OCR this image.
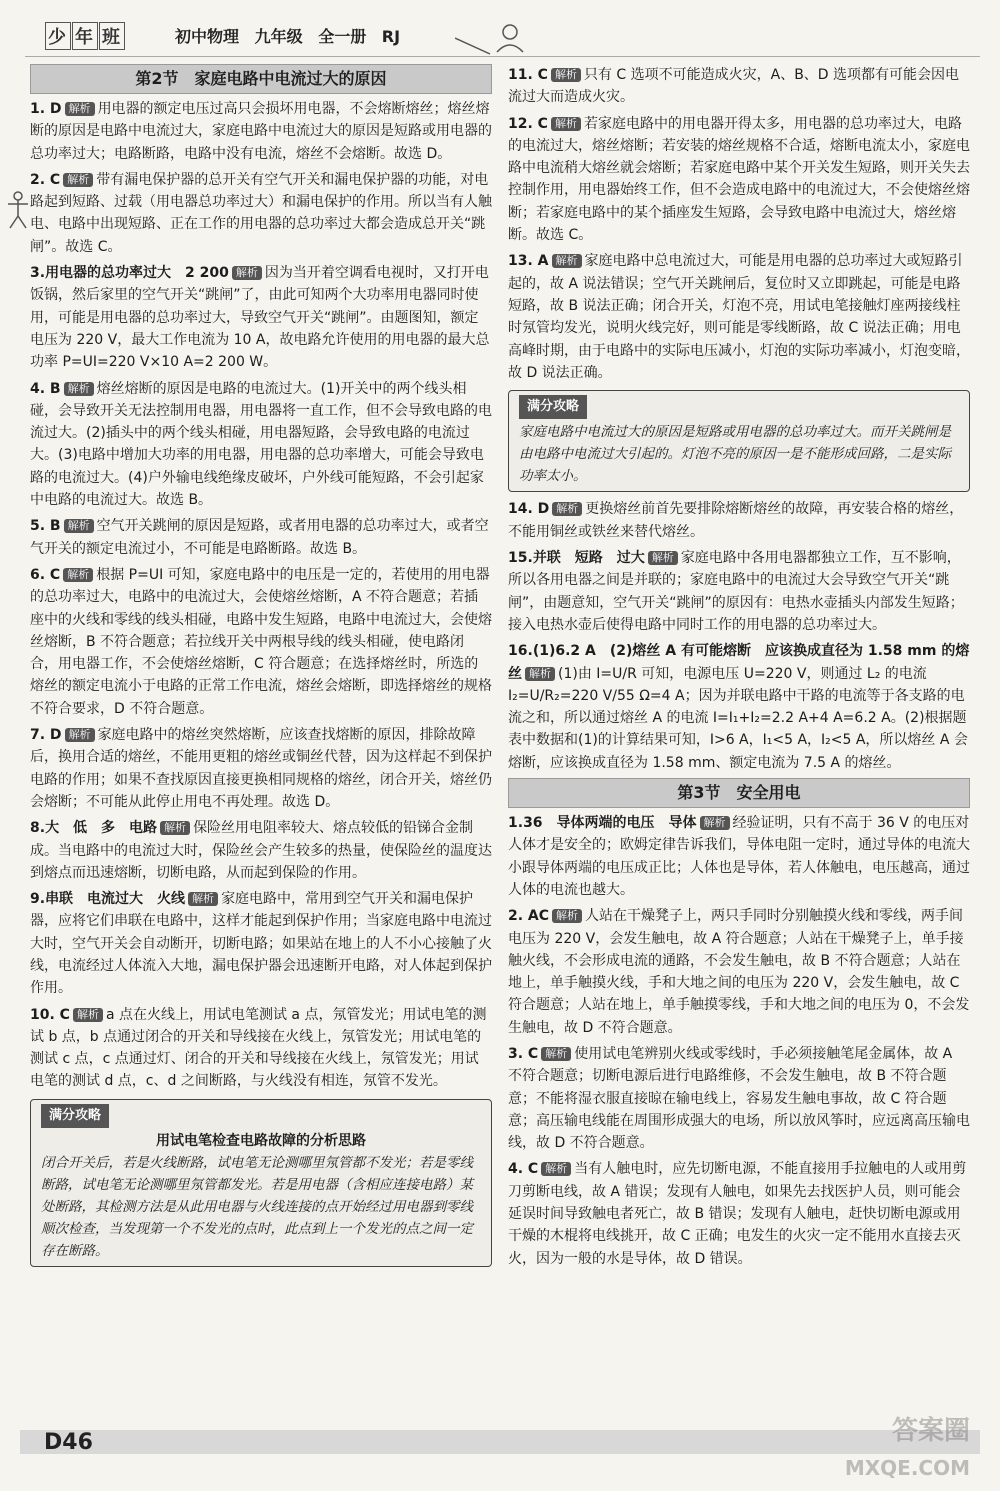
少 年 班	初中物理 九年级 全一册 RJ
第2节　家庭电路中电流过大的原因
1. D 解析 用电器的额定电压过高只会损坏用电器，不会熔断熔丝；熔丝熔断的原因是电路中电流过大，家庭电路中电流过大的原因是短路或用电器的总功率过大；电路断路，电路中没有电流，熔丝不会熔断。故选 D。
2. C 解析 带有漏电保护器的总开关有空气开关和漏电保护器的功能，对电路起到短路、过载（用电器总功率过大）和漏电保护的作用。所以当有人触电、电路中出现短路、正在工作的用电器的总功率过大都会造成总开关“跳闸”。故选 C。
3.用电器的总功率过大　2 200 解析 因为当开着空调看电视时，又打开电饭锅，然后家里的空气开关“跳闸”了，由此可知两个大功率用电器同时使用，可能是用电器的总功率过大，导致空气开关“跳闸”。由题图知，额定电压为 220 V，最大工作电流为 10 A，故电路允许使用的用电器的最大总功率 P=UI=220 V×10 A=2 200 W。
4. B 解析 熔丝熔断的原因是电路的电流过大。(1)开关中的两个线头相碰，会导致开关无法控制用电器，用电器将一直工作，但不会导致电路的电流过大。(2)插头中的两个线头相碰，用电器短路，会导致电路的电流过大。(3)电路中增加大功率的用电器，用电器的总功率增大，可能会导致电路的电流过大。(4)户外输电线绝缘皮破坏，户外线可能短路，不会引起家中电路的电流过大。故选 B。
5. B 解析 空气开关跳闸的原因是短路，或者用电器的总功率过大，或者空气开关的额定电流过小，不可能是电路断路。故选 B。
6. C 解析 根据 P=UI 可知，家庭电路中的电压是一定的，若使用的用电器的总功率过大，电路中的电流过大，会使熔丝熔断，A 不符合题意；若插座中的火线和零线的线头相碰，电路中发生短路，电路中电流过大，会使熔丝熔断，B 不符合题意；若拉线开关中两根导线的线头相碰，使电路闭合，用电器工作，不会使熔丝熔断，C 符合题意；在选择熔丝时，所选的熔丝的额定电流小于电路的正常工作电流，熔丝会熔断，即选择熔丝的规格不符合要求，D 不符合题意。
7. D 解析 家庭电路中的熔丝突然熔断，应该查找熔断的原因，排除故障后，换用合适的熔丝，不能用更粗的熔丝或铜丝代替，因为这样起不到保护电路的作用；如果不查找原因直接更换相同规格的熔丝，闭合开关，熔丝仍会熔断；不可能从此停止用电不再处理。故选 D。
8.大　低　多　电路 解析 保险丝用电阻率较大、熔点较低的铅锑合金制成。当电路中的电流过大时，保险丝会产生较多的热量，使保险丝的温度达到熔点而迅速熔断，切断电路，从而起到保险的作用。
9.串联　电流过大　火线 解析 家庭电路中，常用到空气开关和漏电保护器，应将它们串联在电路中，这样才能起到保护作用；当家庭电路中电流过大时，空气开关会自动断开，切断电路；如果站在地上的人不小心接触了火线，电流经过人体流入大地，漏电保护器会迅速断开电路，对人体起到保护作用。
10. C 解析 a 点在火线上，用试电笔测试 a 点，氖管发光；用试电笔的测试 b 点，b 点通过闭合的开关和导线接在火线上，氖管发光；用试电笔的测试 c 点，c 点通过灯、闭合的开关和导线接在火线上，氖管发光；用试电笔的测试 d 点，c、d 之间断路，与火线没有相连，氖管不发光。
满分攻略
用试电笔检查电路故障的分析思路
闭合开关后，若是火线断路，试电笔无论测哪里氖管都不发光；若是零线断路，试电笔无论测哪里氖管都发光。若是用电器（含相应连接电路）某处断路，其检测方法是从此用电器与火线连接的点开始经过用电器到零线顺次检查，当发现第一个不发光的点时，此点到上一个发光的点之间一定存在断路。
11. C 解析 只有 C 选项不可能造成火灾，A、B、D 选项都有可能会因电流过大而造成火灾。
12. C 解析 若家庭电路中的用电器开得太多，用电器的总功率过大，电路的电流过大，熔丝熔断；若安装的熔丝规格不合适，熔断电流太小，家庭电路中电流稍大熔丝就会熔断；若家庭电路中某个开关发生短路，则开关失去控制作用，用电器始终工作，但不会造成电路中的电流过大，不会使熔丝熔断；若家庭电路中的某个插座发生短路，会导致电路中电流过大，熔丝熔断。故选 C。
13. A 解析 家庭电路中总电流过大，可能是用电器的总功率过大或短路引起的，故 A 说法错误；空气开关跳闸后，复位时又立即跳起，可能是电路短路，故 B 说法正确；闭合开关，灯泡不亮，用试电笔接触灯座两接线柱时氖管均发光，说明火线完好，则可能是零线断路，故 C 说法正确；用电高峰时期，由于电路中的实际电压减小，灯泡的实际功率减小，灯泡变暗，故 D 说法正确。
满分攻略
家庭电路中电流过大的原因是短路或用电器的总功率过大。而开关跳闸是由电路中电流过大引起的。灯泡不亮的原因一是不能形成回路，二是实际功率太小。
14. D 解析 更换熔丝前首先要排除熔断熔丝的故障，再安装合格的熔丝，不能用铜丝或铁丝来替代熔丝。
15.并联　短路　过大 解析 家庭电路中各用电器都独立工作，互不影响，所以各用电器之间是并联的；家庭电路中的电流过大会导致空气开关“跳闸”，由题意知，空气开关“跳闸”的原因有：电热水壶插头内部发生短路；接入电热水壶后使得电路中同时工作的用电器的总功率过大。
16.(1)6.2 A　(2)熔丝 A 有可能熔断　应该换成直径为 1.58 mm 的熔丝 解析 (1)由 I=U/R 可知，电源电压 U=220 V，则通过 L₂ 的电流 I₂=U/R₂=220 V/55 Ω=4 A；因为并联电路中干路的电流等于各支路的电流之和，所以通过熔丝 A 的电流 I=I₁+I₂=2.2 A+4 A=6.2 A。(2)根据题表中数据和(1)的计算结果可知，I>6 A，I₁<5 A，I₂<5 A，所以熔丝 A 会熔断，应该换成直径为 1.58 mm、额定电流为 7.5 A 的熔丝。
第3节　安全用电
1.36　导体两端的电压　导体 解析 经验证明，只有不高于 36 V 的电压对人体才是安全的；欧姆定律告诉我们，导体电阻一定时，通过导体的电流大小跟导体两端的电压成正比；人体也是导体，若人体触电，电压越高，通过人体的电流也越大。
2. AC 解析 人站在干燥凳子上，两只手同时分别触摸火线和零线，两手间电压为 220 V，会发生触电，故 A 符合题意；人站在干燥凳子上，单手接触火线，不会形成电流的通路，不会发生触电，故 B 不符合题意；人站在地上，单手触摸火线，手和大地之间的电压为 220 V，会发生触电，故 C 符合题意；人站在地上，单手触摸零线，手和大地之间的电压为 0，不会发生触电，故 D 不符合题意。
3. C 解析 使用试电笔辨别火线或零线时，手必须接触笔尾金属体，故 A 不符合题意；切断电源后进行电路维修，不会发生触电，故 B 不符合题意；不能将湿衣服直接晾在输电线上，容易发生触电事故，故 C 符合题意；高压输电线能在周围形成强大的电场，所以放风筝时，应远离高压输电线，故 D 不符合题意。
4. C 解析 当有人触电时，应先切断电源，不能直接用手拉触电的人或用剪刀剪断电线，故 A 错误；发现有人触电，如果先去找医护人员，则可能会延误时间导致触电者死亡，故 B 错误；发现有人触电，赶快切断电源或用干燥的木棍将电线挑开，故 C 正确；电发生的火灾一定不能用水直接去灭火，因为一般的水是导体，故 D 错误。
D46	答案圈
MXQE.COM
